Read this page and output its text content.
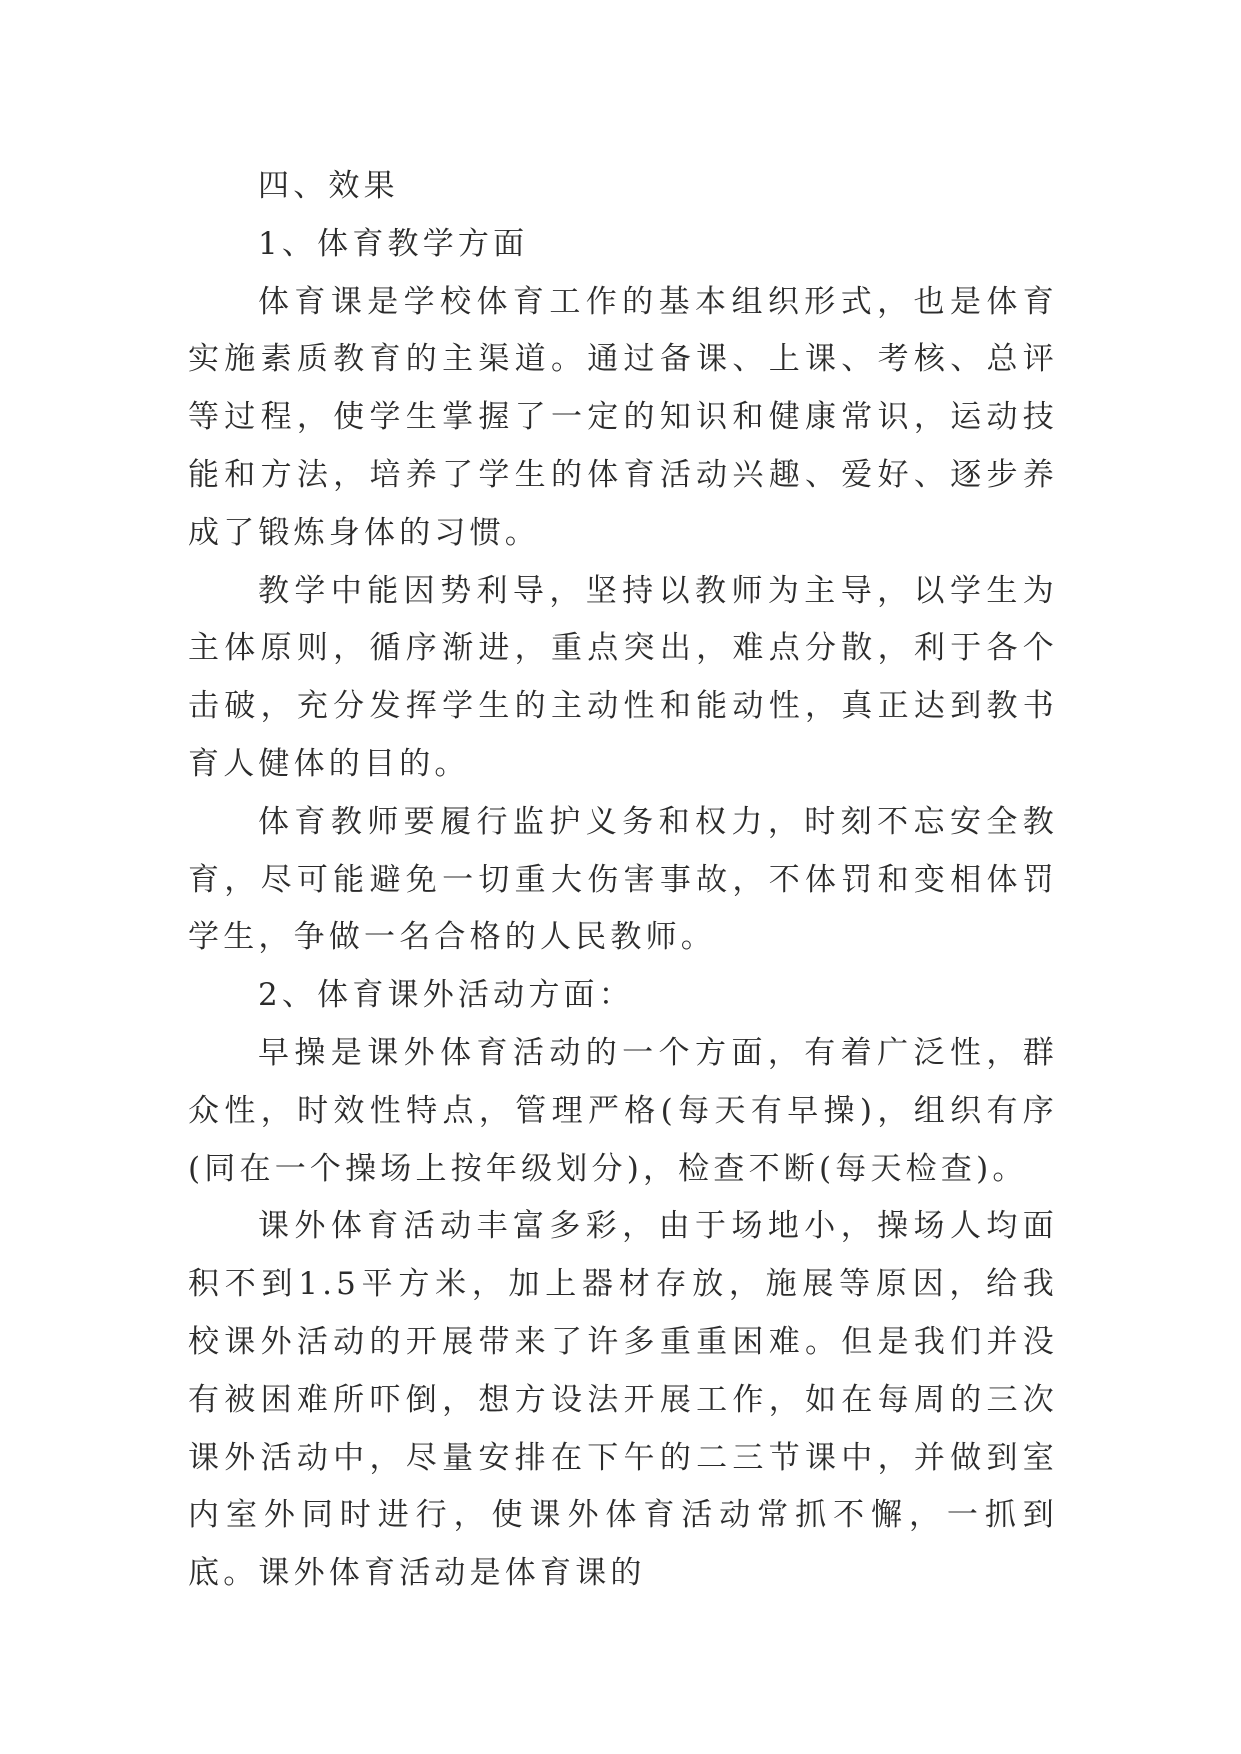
四、效果

1、体育教学方面

体育课是学校体育工作的基本组织形式，也是体育实施素质教育的主渠道。通过备课、上课、考核、总评等过程，使学生掌握了一定的知识和健康常识，运动技能和方法，培养了学生的体育活动兴趣、爱好、逐步养成了锻炼身体的习惯。

教学中能因势利导，坚持以教师为主导，以学生为主体原则，循序渐进，重点突出，难点分散，利于各个击破，充分发挥学生的主动性和能动性，真正达到教书育人健体的目的。

体育教师要履行监护义务和权力，时刻不忘安全教育，尽可能避免一切重大伤害事故，不体罚和变相体罚学生，争做一名合格的人民教师。

2、体育课外活动方面：

早操是课外体育活动的一个方面，有着广泛性，群众性，时效性特点，管理严格(每天有早操)，组织有序(同在一个操场上按年级划分)，检查不断(每天检查)。

课外体育活动丰富多彩，由于场地小，操场人均面积不到1.5平方米，加上器材存放，施展等原因，给我校课外活动的开展带来了许多重重困难。但是我们并没有被困难所吓倒，想方设法开展工作，如在每周的三次课外活动中，尽量安排在下午的二三节课中，并做到室内室外同时进行，使课外体育活动常抓不懈，一抓到底。课外体育活动是体育课的
